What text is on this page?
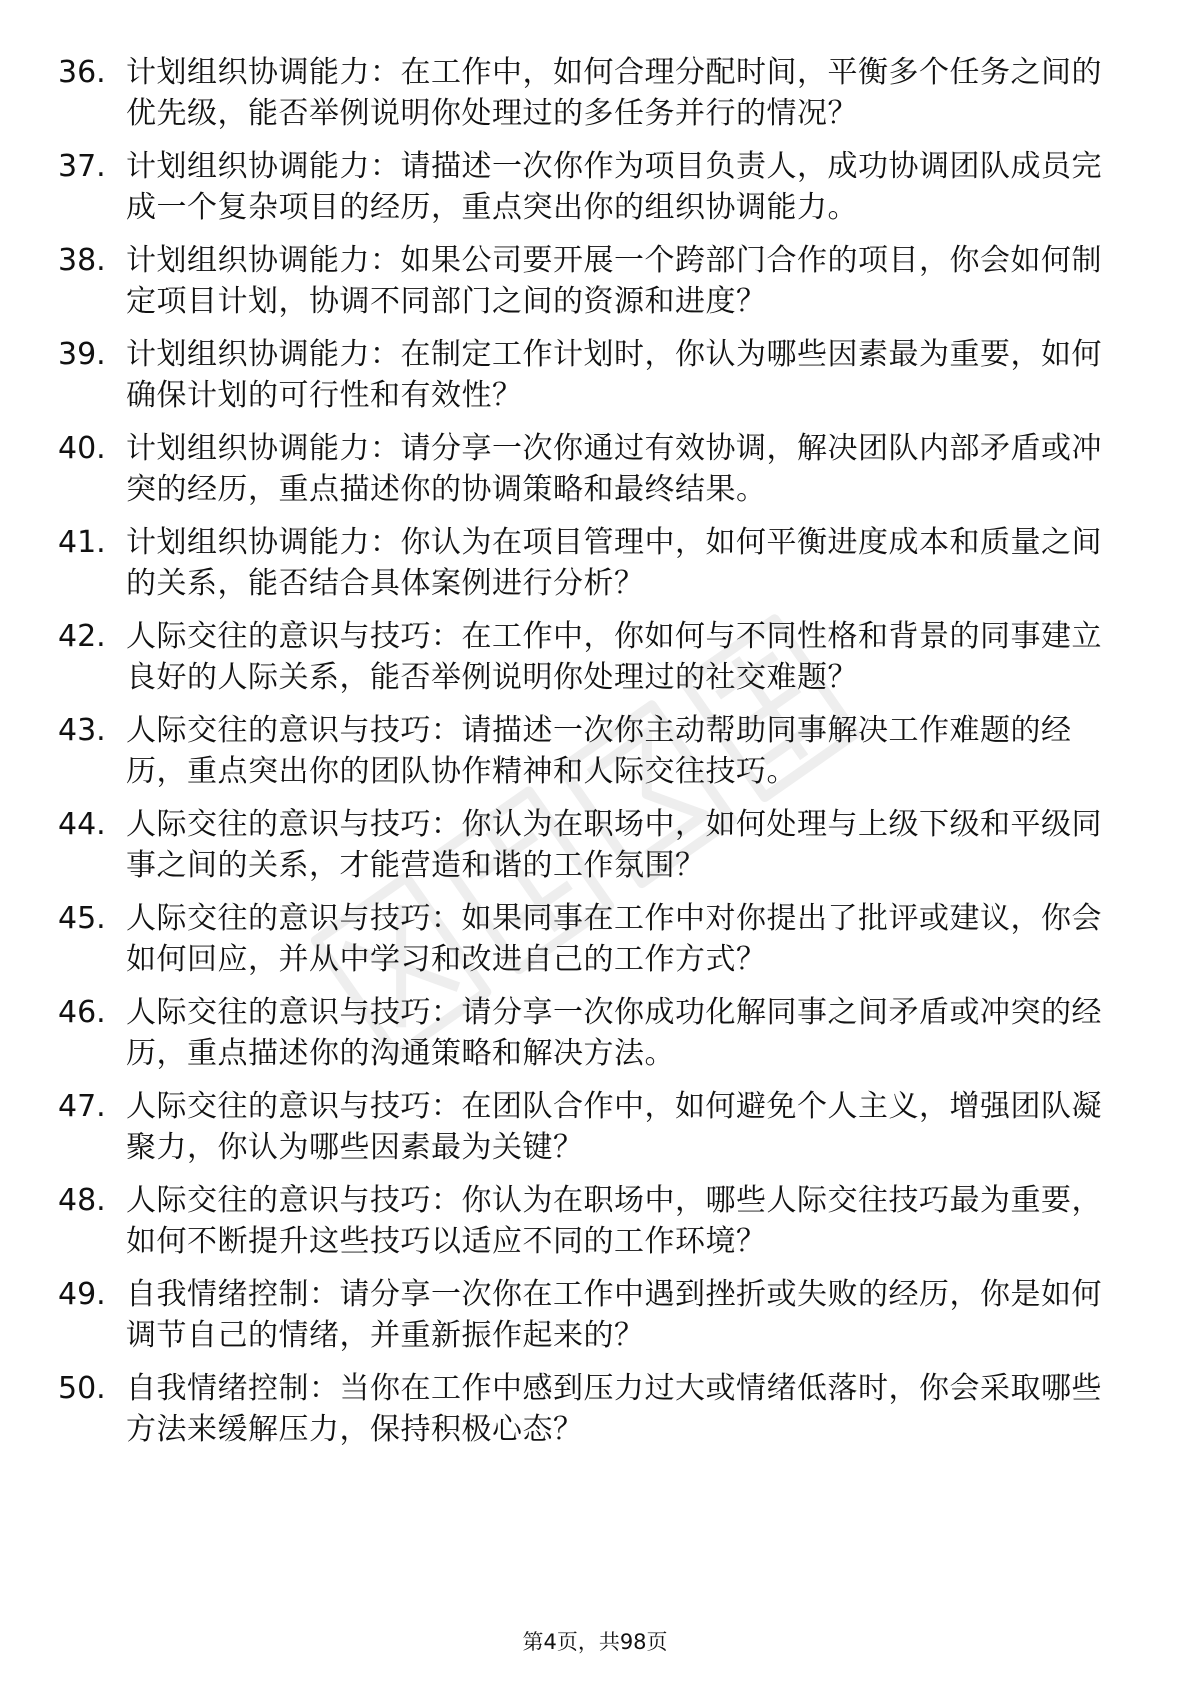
36. 计划组织协调能力：在工作中，如何合理分配时间，平衡多个任务之间的优先级，能否举例说明你处理过的多任务并行的情况？
37. 计划组织协调能力：请描述一次你作为项目负责人，成功协调团队成员完成一个复杂项目的经历，重点突出你的组织协调能力。
38. 计划组织协调能力：如果公司要开展一个跨部门合作的项目，你会如何制定项目计划，协调不同部门之间的资源和进度？
39. 计划组织协调能力：在制定工作计划时，你认为哪些因素最为重要，如何确保计划的可行性和有效性？
40. 计划组织协调能力：请分享一次你通过有效协调，解决团队内部矛盾或冲突的经历，重点描述你的协调策略和最终结果。
41. 计划组织协调能力：你认为在项目管理中，如何平衡进度成本和质量之间的关系，能否结合具体案例进行分析？
42. 人际交往的意识与技巧：在工作中，你如何与不同性格和背景的同事建立良好的人际关系，能否举例说明你处理过的社交难题？
43. 人际交往的意识与技巧：请描述一次你主动帮助同事解决工作难题的经历，重点突出你的团队协作精神和人际交往技巧。
44. 人际交往的意识与技巧：你认为在职场中，如何处理与上级下级和平级同事之间的关系，才能营造和谐的工作氛围？
45. 人际交往的意识与技巧：如果同事在工作中对你提出了批评或建议，你会如何回应，并从中学习和改进自己的工作方式？
46. 人际交往的意识与技巧：请分享一次你成功化解同事之间矛盾或冲突的经历，重点描述你的沟通策略和解决方法。
47. 人际交往的意识与技巧：在团队合作中，如何避免个人主义，增强团队凝聚力，你认为哪些因素最为关键？
48. 人际交往的意识与技巧：你认为在职场中，哪些人际交往技巧最为重要，如何不断提升这些技巧以适应不同的工作环境？
49. 自我情绪控制：请分享一次你在工作中遇到挫折或失败的经历，你是如何调节自己的情绪，并重新振作起来的？
50. 自我情绪控制：当你在工作中感到压力过大或情绪低落时，你会采取哪些方法来缓解压力，保持积极心态？
第4页，共98页
